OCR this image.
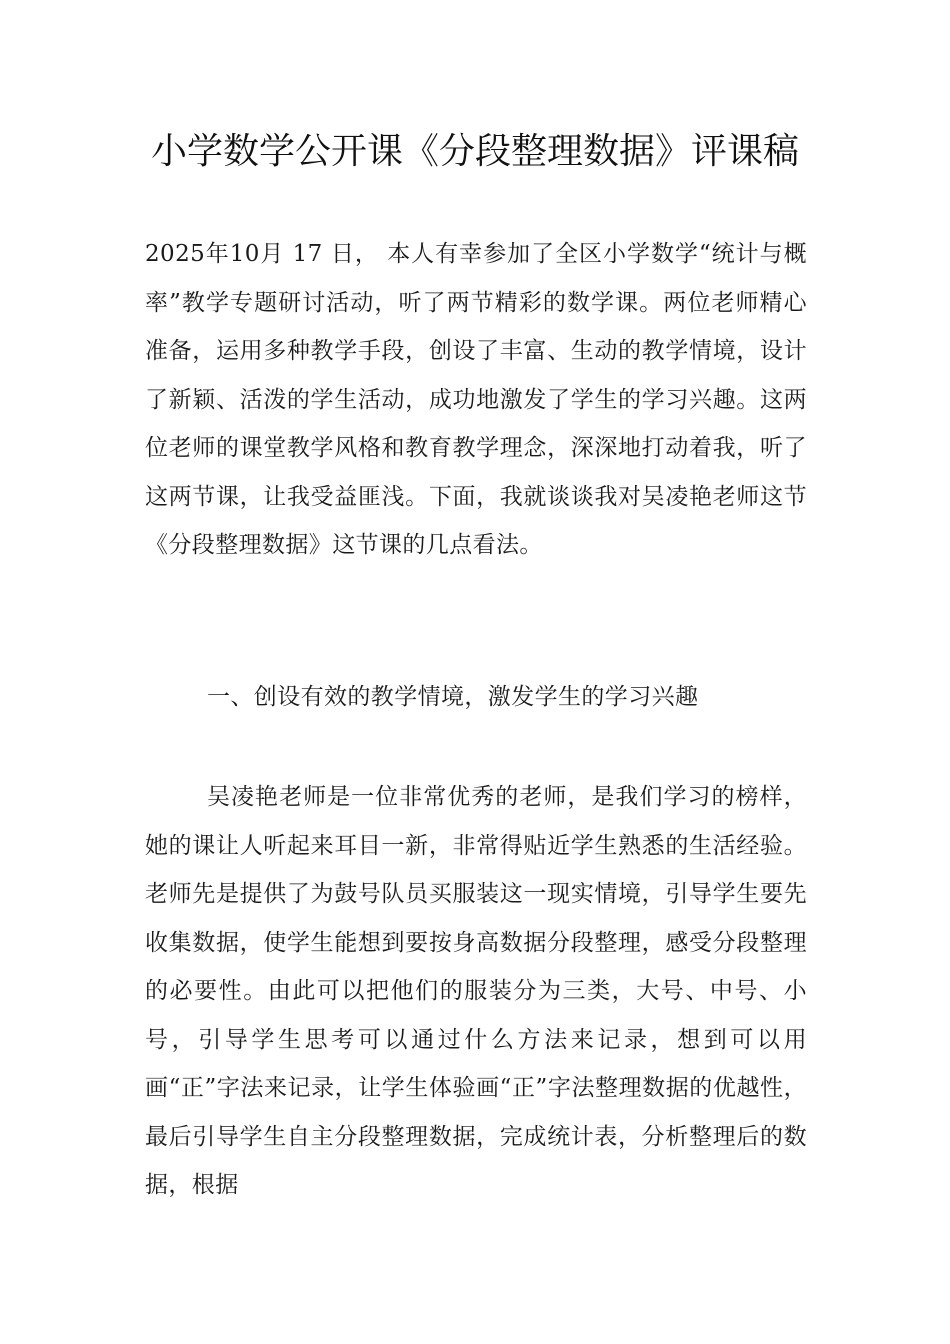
小学数学公开课《分段整理数据》评课稿

2025年10月 17 日， 本人有幸参加了全区小学数学“统计与概率”教学专题研讨活动，听了两节精彩的数学课。两位老师精心准备，运用多种教学手段，创设了丰富、生动的教学情境，设计了新颖、活泼的学生活动，成功地激发了学生的学习兴趣。这两位老师的课堂教学风格和教育教学理念，深深地打动着我，听了这两节课，让我受益匪浅。下面，我就谈谈我对吴凌艳老师这节《分段整理数据》这节课的几点看法。

一、创设有效的教学情境，激发学生的学习兴趣

吴凌艳老师是一位非常优秀的老师，是我们学习的榜样，她的课让人听起来耳目一新，非常得贴近学生熟悉的生活经验。老师先是提供了为鼓号队员买服装这一现实情境，引导学生要先收集数据，使学生能想到要按身高数据分段整理，感受分段整理的必要性。由此可以把他们的服装分为三类，大号、中号、小号，引导学生思考可以通过什么方法来记录，想到可以用画“正”字法来记录，让学生体验画“正”字法整理数据的优越性，最后引导学生自主分段整理数据，完成统计表，分析整理后的数据，根据
